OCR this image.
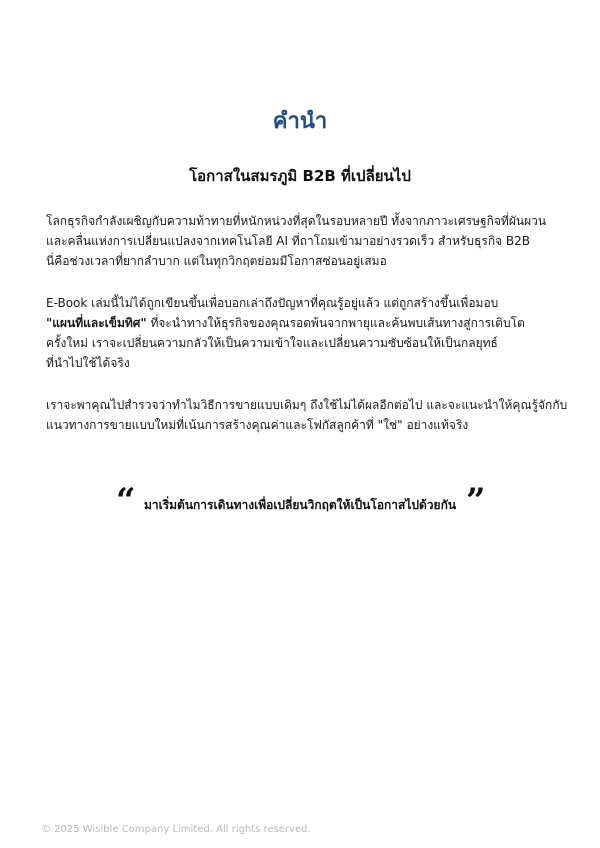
คำนำ
โอกาสในสมรภูมิ B2B ที่เปลี่ยนไป

โลกธุรกิจกำลังเผชิญกับความท้าทายที่หนักหน่วงที่สุดในรอบหลายปี ทั้งจากภาวะเศรษฐกิจที่ผันผวน
และคลื่นแห่งการเปลี่ยนแปลงจากเทคโนโลยี AI ที่ถาโถมเข้ามาอย่างรวดเร็ว สำหรับธุรกิจ B2B
นี่คือช่วงเวลาที่ยากลำบาก แต่ในทุกวิกฤตย่อมมีโอกาสซ่อนอยู่เสมอ

E-Book เล่มนี้ไม่ได้ถูกเขียนขึ้นเพื่อบอกเล่าถึงปัญหาที่คุณรู้อยู่แล้ว แต่ถูกสร้างขึ้นเพื่อมอบ
"แผนที่และเข็มทิศ" ที่จะนำทางให้ธุรกิจของคุณรอดพ้นจากพายุและค้นพบเส้นทางสู่การเติบโต
ครั้งใหม่ เราจะเปลี่ยนความกลัวให้เป็นความเข้าใจและเปลี่ยนความซับซ้อนให้เป็นกลยุทธ์
ที่นำไปใช้ได้จริง

เราจะพาคุณไปสำรวจว่าทำไมวิธีการขายแบบเดิมๆ ถึงใช้ไม่ได้ผลอีกต่อไป และจะแนะนำให้คุณรู้จักกับ
แนวทางการขายแบบใหม่ที่เน้นการสร้างคุณค่าและโฟกัสลูกค้าที่ "ใช่" อย่างแท้จริง

“ มาเริ่มต้นการเดินทางเพื่อเปลี่ยนวิกฤตให้เป็นโอกาสไปด้วยกัน ”
© 2025 Wisible Company Limited. All rights reserved.
